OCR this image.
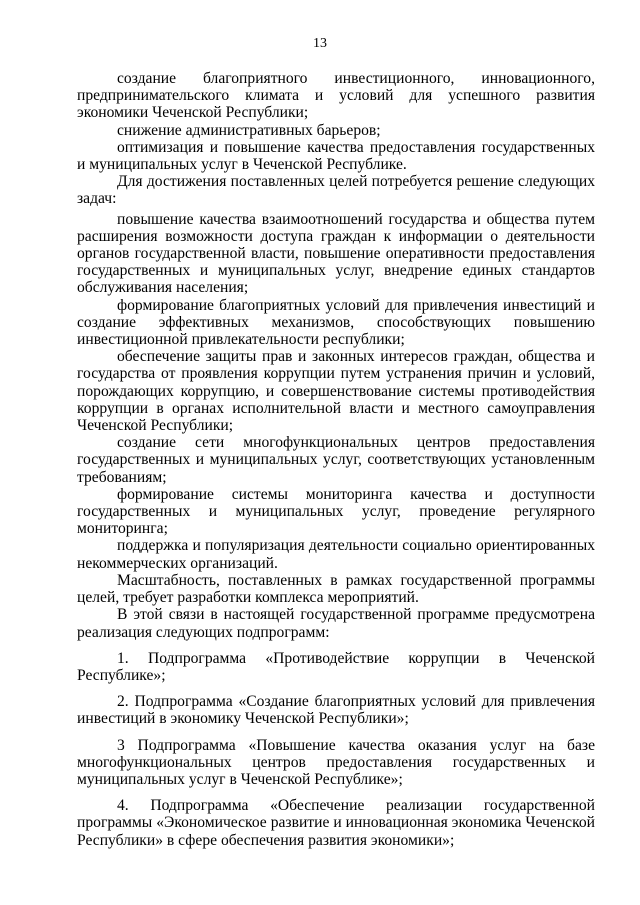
13

создание благоприятного инвестиционного, инновационного, предпринимательского климата и условий для успешного развития экономики Чеченской Республики;

снижение административных барьеров;

оптимизация и повышение качества предоставления государственных и муниципальных услуг в Чеченской Республике.

Для достижения поставленных целей потребуется решение следующих задач:

повышение качества взаимоотношений государства и общества путем расширения возможности доступа граждан к информации о деятельности органов государственной власти, повышение оперативности предоставления государственных и муниципальных услуг, внедрение единых стандартов обслуживания населения;

формирование благоприятных условий для привлечения инвестиций и создание эффективных механизмов, способствующих повышению инвестиционной привлекательности республики;

обеспечение защиты прав и законных интересов граждан, общества и государства от проявления коррупции путем устранения причин и условий, порождающих коррупцию, и совершенствование системы противодействия коррупции в органах исполнительной власти и местного самоуправления Чеченской Республики;

создание сети многофункциональных центров предоставления государственных и муниципальных услуг, соответствующих установленным требованиям;

формирование системы мониторинга качества и доступности государственных и муниципальных услуг, проведение регулярного мониторинга;

поддержка и популяризация деятельности социально ориентированных некоммерческих организаций.

Масштабность, поставленных в рамках государственной программы целей, требует разработки комплекса мероприятий.

В этой связи в настоящей государственной программе предусмотрена реализация следующих подпрограмм:

1. Подпрограмма «Противодействие коррупции в Чеченской Республике»;

2. Подпрограмма «Создание благоприятных условий для привлечения инвестиций в экономику Чеченской Республики»;

3 Подпрограмма «Повышение качества оказания услуг на базе многофункциональных центров предоставления государственных и муниципальных услуг в Чеченской Республике»;

4. Подпрограмма «Обеспечение реализации государственной программы «Экономическое развитие и инновационная экономика Чеченской Республики» в сфере обеспечения развития экономики»;
